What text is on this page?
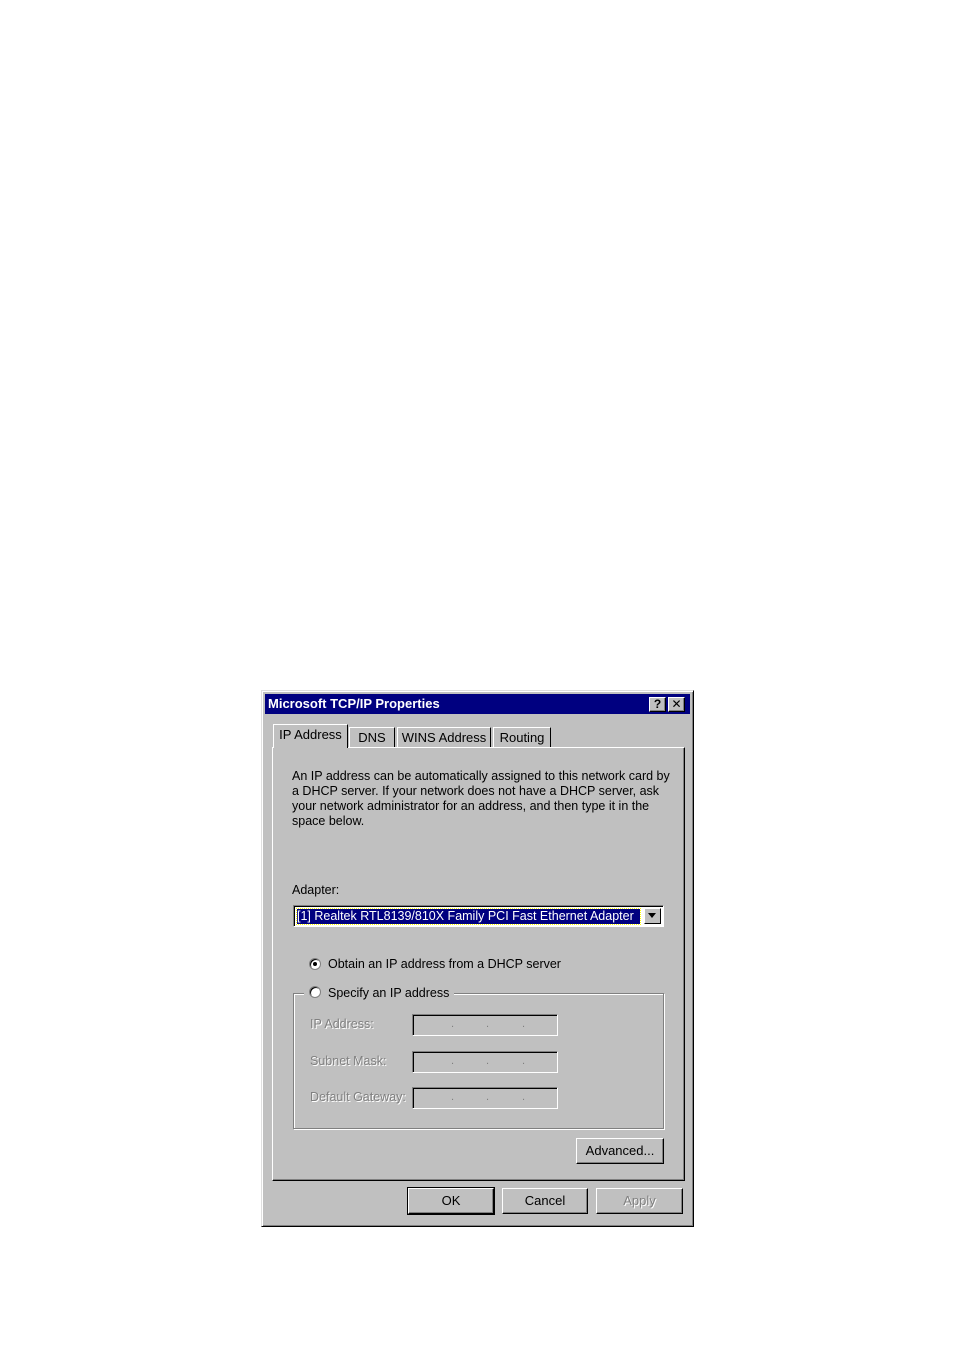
Microsoft TCP/IP Properties	? ✕
IP Address	DNS	WINS Address	Routing
An IP address can be automatically assigned to this network card by a DHCP server. If your network does not have a DHCP server, ask your network administrator for an address, and then type it in the space below.
Adapter:
[1] Realtek RTL8139/810X Family PCI Fast Ethernet Adapter
Obtain an IP address from a DHCP server
Specify an IP address
IP Address:	.	.	.
Subnet Mask:	.	.	.
Default Gateway:	.	.	.
Advanced...
OK	Cancel	Apply
